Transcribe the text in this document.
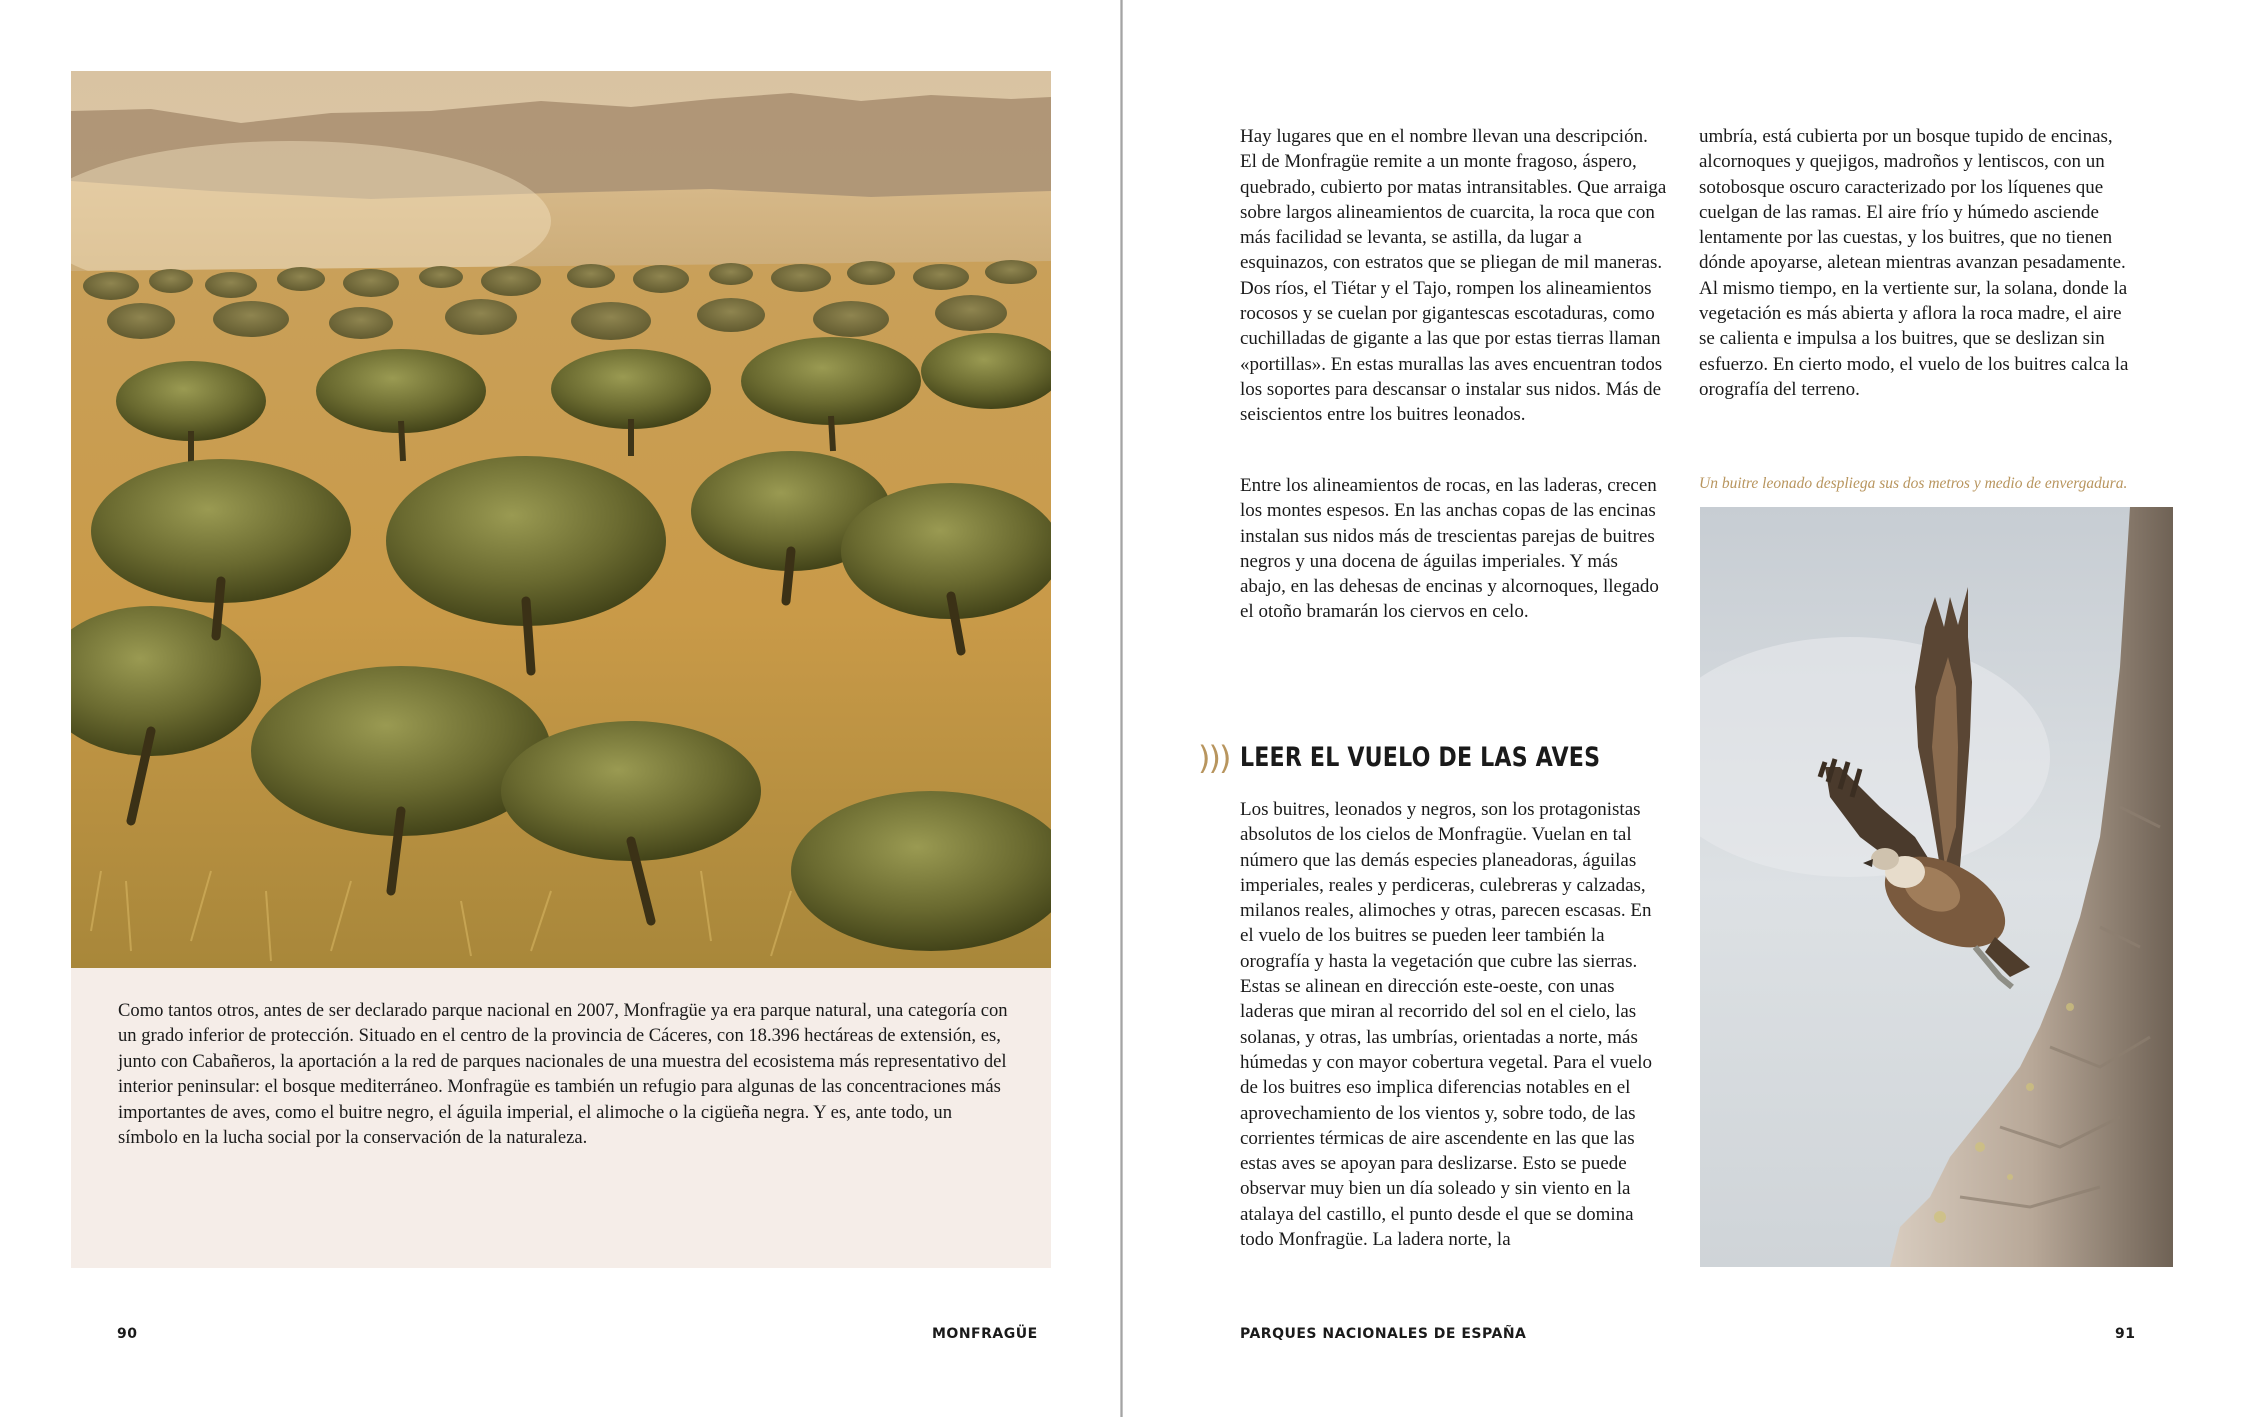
Como tantos otros, antes de ser declarado parque nacional en 2007, Monfragüe ya era parque natural, una categoría con un grado inferior de protección. Situado en el centro de la provincia de Cáceres, con 18.396 hectáreas de extensión, es, junto con Cabañeros, la aportación a la red de parques nacionales de una muestra del ecosistema más representativo del interior peninsular: el bosque mediterráneo. Monfragüe es también un refugio para algunas de las concentraciones más importantes de aves, como el buitre negro, el águila imperial, el alimoche o la cigüeña negra. Y es, ante todo, un símbolo en la lucha social por la conservación de la naturaleza.

90	MONFRAGÜE

Hay lugares que en el nombre llevan una descripción. El de Monfragüe remite a un monte fragoso, áspero, quebrado, cubierto por matas intransitables. Que arraiga sobre largos alineamientos de cuarcita, la roca que con más facilidad se levanta, se astilla, da lugar a esquinazos, con estratos que se pliegan de mil maneras. Dos ríos, el Tiétar y el Tajo, rompen los alineamientos rocosos y se cuelan por gigantescas escotaduras, como cuchilladas de gigante a las que por estas tierras llaman «portillas». En estas murallas las aves encuentran todos los soportes para descansar o instalar sus nidos. Más de seiscientos entre los buitres leonados.

Entre los alineamientos de rocas, en las laderas, crecen los montes espesos. En las anchas copas de las encinas instalan sus nidos más de trescientas parejas de buitres negros y una docena de águilas imperiales. Y más abajo, en las dehesas de encinas y alcornoques, llegado el otoño bramarán los ciervos en celo.

))) LEER EL VUELO DE LAS AVES

Los buitres, leonados y negros, son los protagonistas absolutos de los cielos de Monfragüe. Vuelan en tal número que las demás especies planeadoras, águilas imperiales, reales y perdiceras, culebreras y calzadas, milanos reales, alimoches y otras, parecen escasas. En el vuelo de los buitres se pueden leer también la orografía y hasta la vegetación que cubre las sierras. Estas se alinean en dirección este-oeste, con unas laderas que miran al recorrido del sol en el cielo, las solanas, y otras, las umbrías, orientadas a norte, más húmedas y con mayor cobertura vegetal. Para el vuelo de los buitres eso implica diferencias notables en el aprovechamiento de los vientos y, sobre todo, de las corrientes térmicas de aire ascendente en las que las estas aves se apoyan para deslizarse. Esto se puede observar muy bien un día soleado y sin viento en la atalaya del castillo, el punto desde el que se domina todo Monfragüe. La ladera norte, la

umbría, está cubierta por un bosque tupido de encinas, alcornoques y quejigos, madroños y lentiscos, con un sotobosque oscuro caracterizado por los líquenes que cuelgan de las ramas. El aire frío y húmedo asciende lentamente por las cuestas, y los buitres, que no tienen dónde apoyarse, aletean mientras avanzan pesadamente. Al mismo tiempo, en la vertiente sur, la solana, donde la vegetación es más abierta y aflora la roca madre, el aire se calienta e impulsa a los buitres, que se deslizan sin esfuerzo. En cierto modo, el vuelo de los buitres calca la orografía del terreno.

Un buitre leonado despliega sus dos metros y medio de envergadura.
PARQUES NACIONALES DE ESPAÑA	91
